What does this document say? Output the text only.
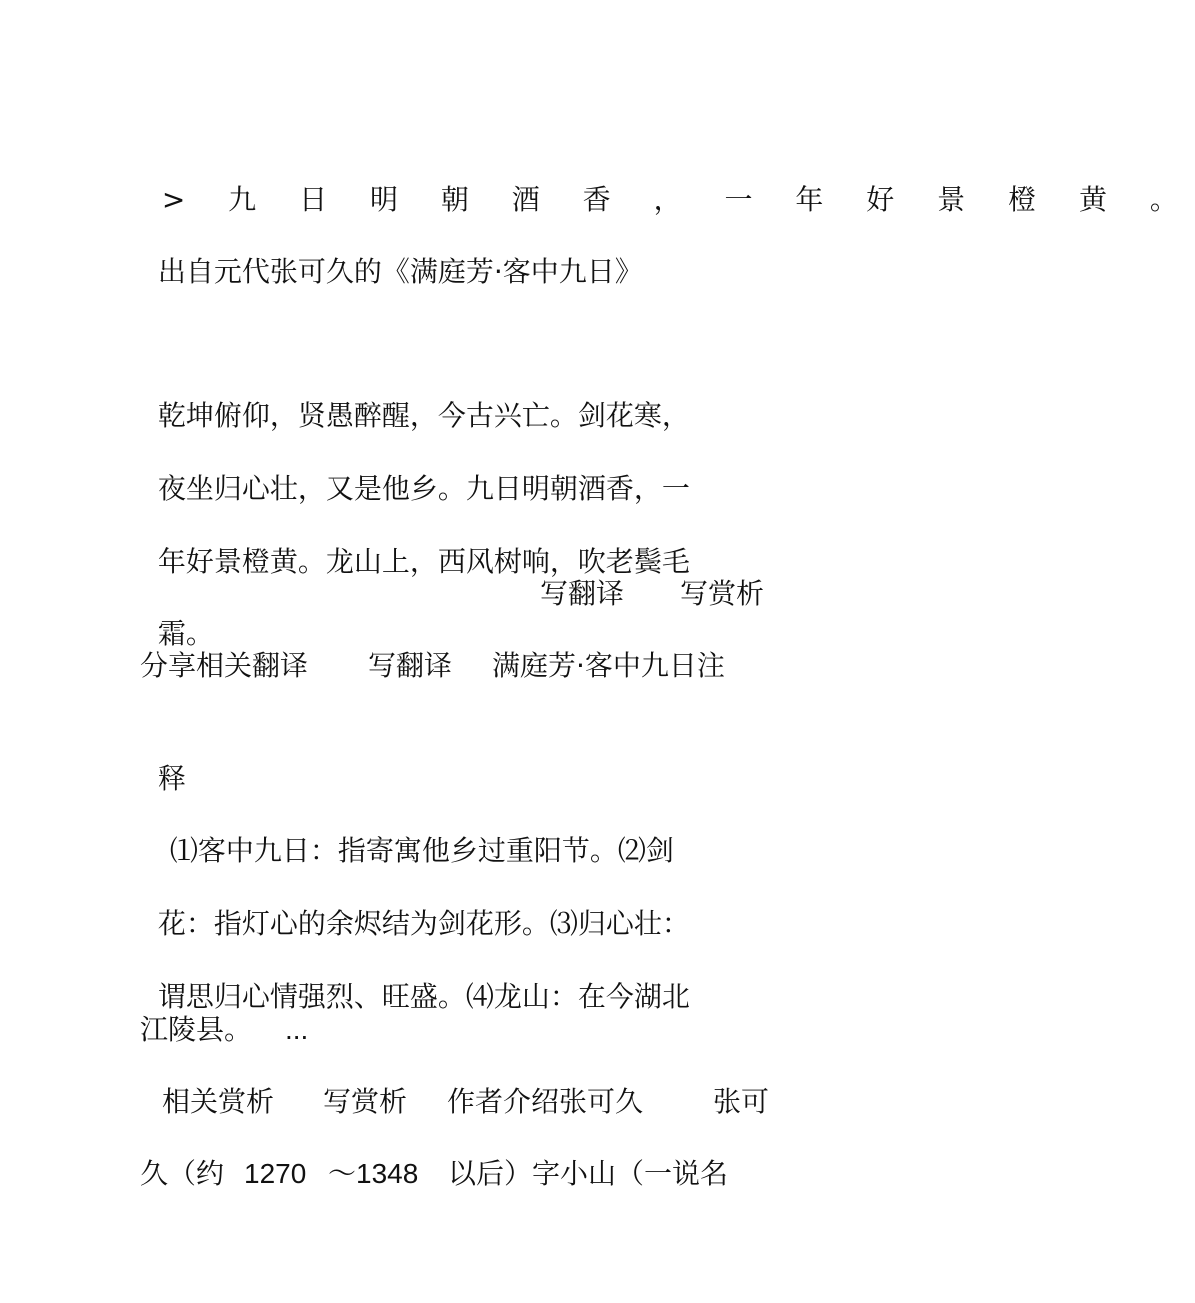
> 九 日 明 朝 酒 香 ， 一 年 好 景 橙 黄 。

出自元代张可久的《满庭芳·客中九日》

乾坤俯仰，贤愚醉醒，今古兴亡。剑花寒，

夜坐归心壮，又是他乡。九日明朝酒香，一

年好景橙黄。龙山上，西风树响，吹老鬓毛

霜。

写翻译 写赏析
分享相关翻译 写翻译 满庭芳·客中九日注

释

⑴客中九日：指寄寓他乡过重阳节。⑵剑

花：指灯心的余烬结为剑花形。⑶归心壮：

谓思归心情强烈、旺盛。⑷龙山：在今湖北

江陵县。 ...
相关赏析 写赏析 作者介绍张可久 张可
久（约 1270 ～1348 以后）字小山（一说名
